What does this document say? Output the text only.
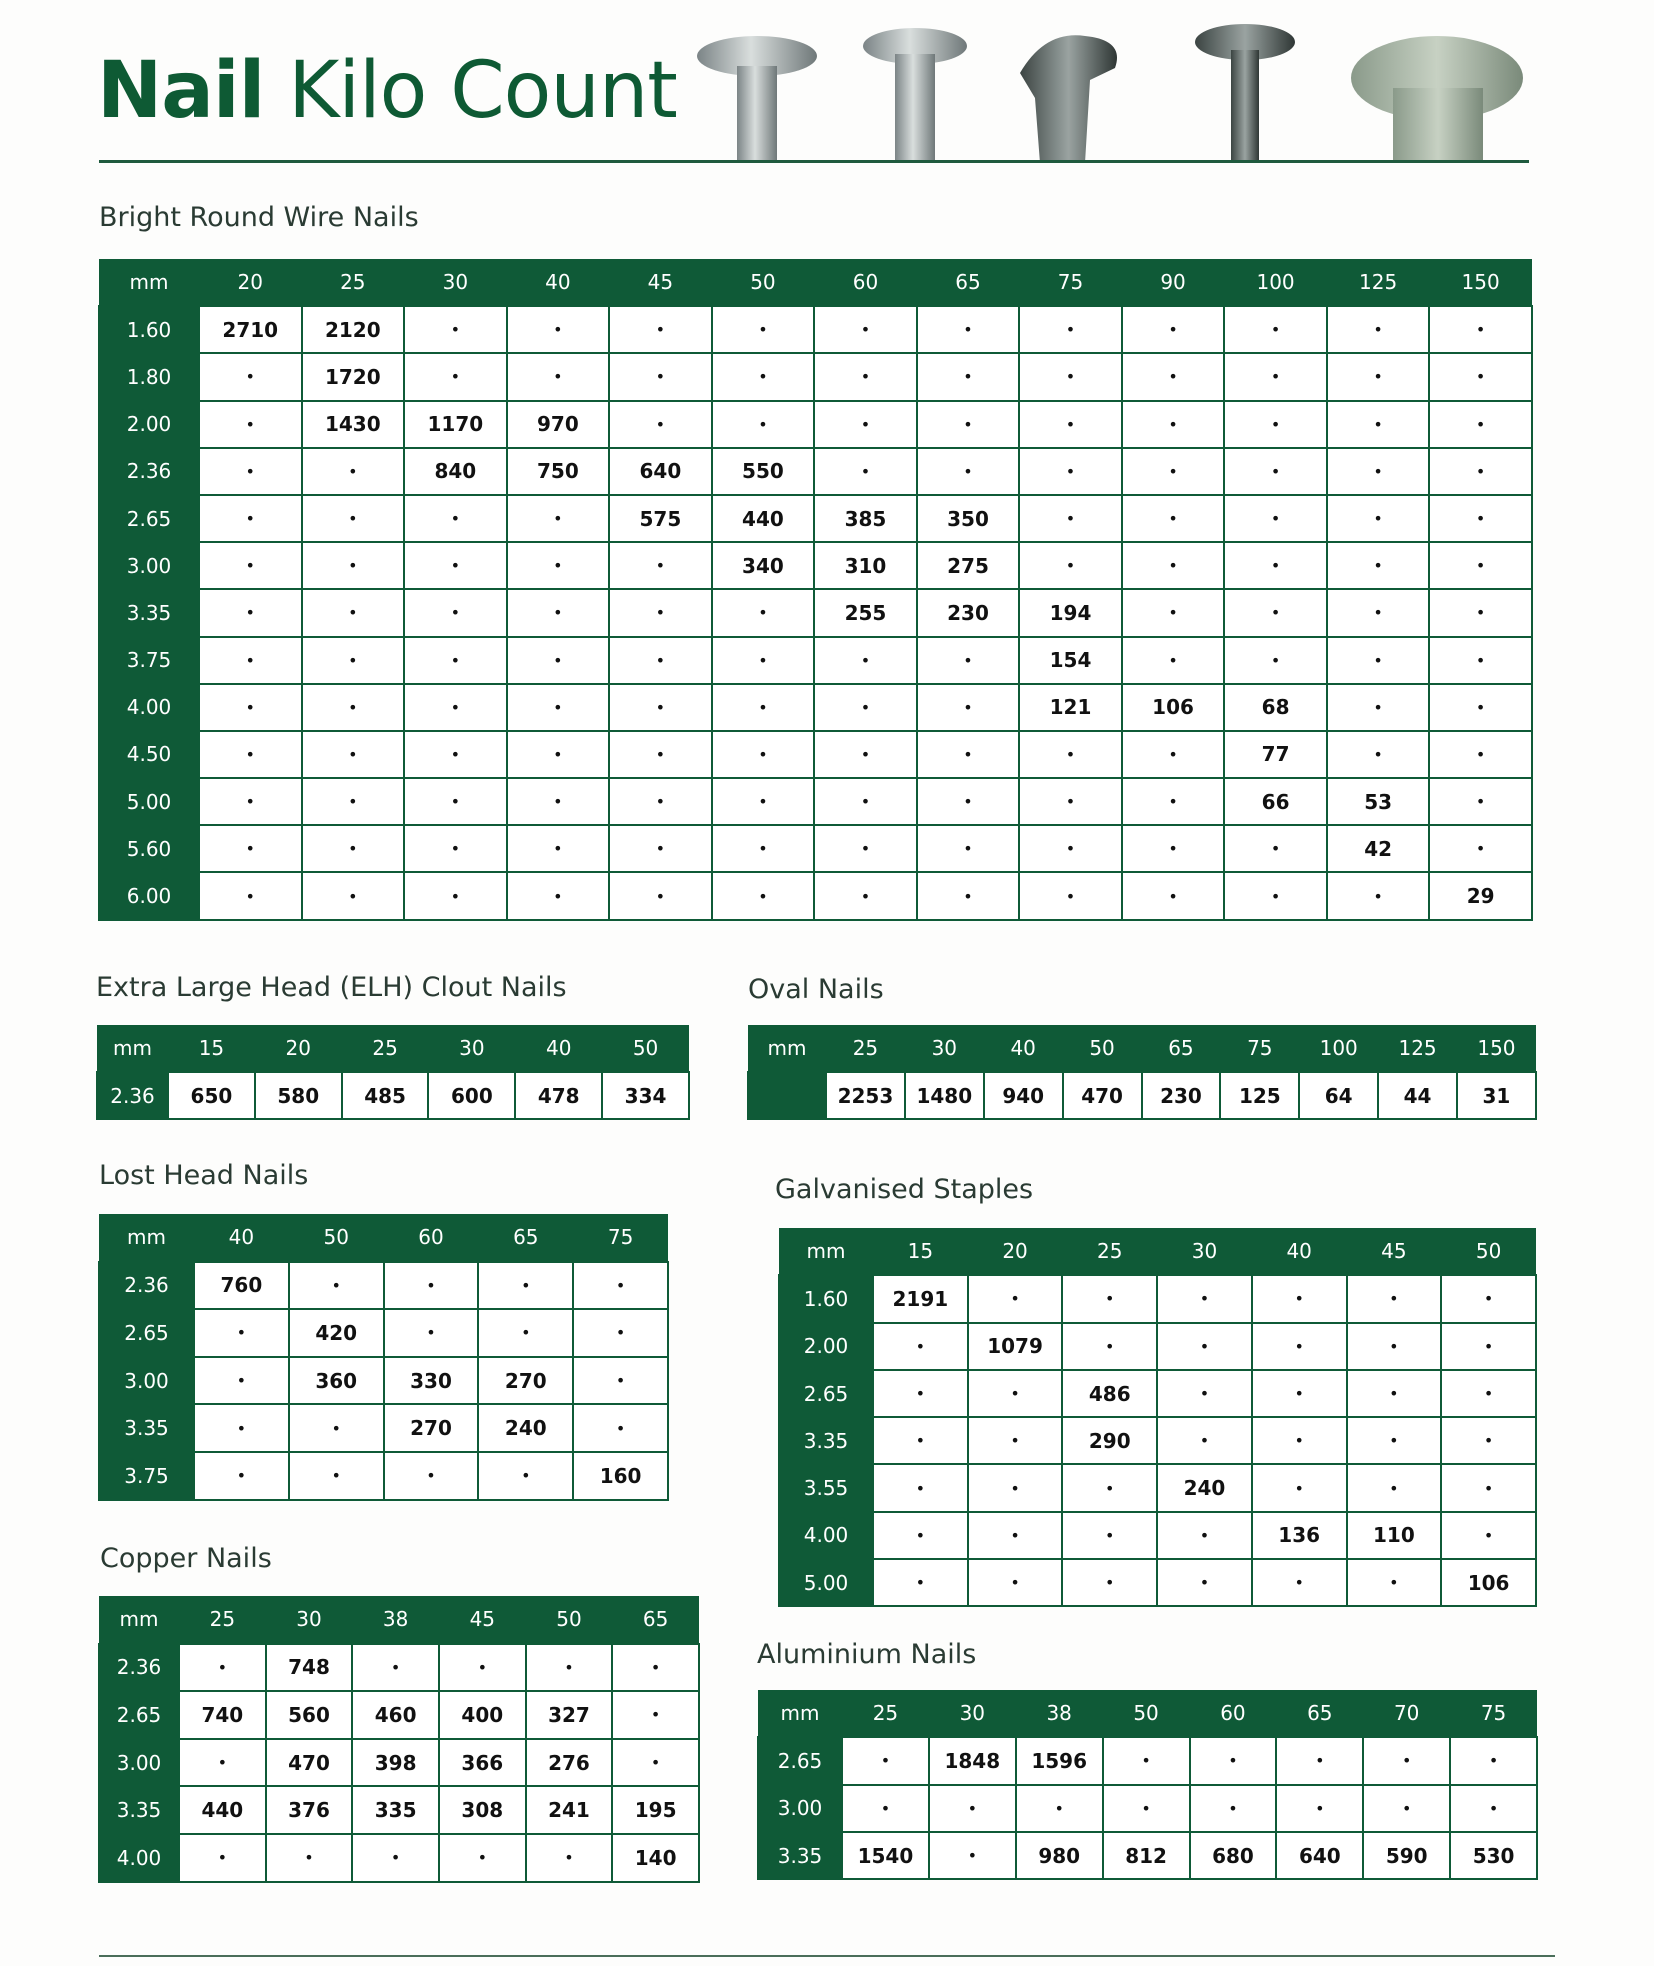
Nail Kilo Count
Bright Round Wire Nails
mm	20	25	30	40	45	50	60	65	75	90	100	125	150
1.60	2710	2120	•	•	•	•	•	•	•	•	•	•	•
1.80	•	1720	•	•	•	•	•	•	•	•	•	•	•
2.00	•	1430	1170	970	•	•	•	•	•	•	•	•	•
2.36	•	•	840	750	640	550	•	•	•	•	•	•	•
2.65	•	•	•	•	575	440	385	350	•	•	•	•	•
3.00	•	•	•	•	•	340	310	275	•	•	•	•	•
3.35	•	•	•	•	•	•	255	230	194	•	•	•	•
3.75	•	•	•	•	•	•	•	•	154	•	•	•	•
4.00	•	•	•	•	•	•	•	•	121	106	68	•	•
4.50	•	•	•	•	•	•	•	•	•	•	77	•	•
5.00	•	•	•	•	•	•	•	•	•	•	66	53	•
5.60	•	•	•	•	•	•	•	•	•	•	•	42	•
6.00	•	•	•	•	•	•	•	•	•	•	•	•	29
Extra Large Head (ELH) Clout Nails
mm	15	20	25	30	40	50
2.36	650	580	485	600	478	334
Oval Nails
mm	25	30	40	50	65	75	100	125	150
	2253	1480	940	470	230	125	64	44	31
Lost Head Nails
mm	40	50	60	65	75
2.36	760	•	•	•	•
2.65	•	420	•	•	•
3.00	•	360	330	270	•
3.35	•	•	270	240	•
3.75	•	•	•	•	160
Galvanised Staples
mm	15	20	25	30	40	45	50
1.60	2191	•	•	•	•	•	•
2.00	•	1079	•	•	•	•	•
2.65	•	•	486	•	•	•	•
3.35	•	•	290	•	•	•	•
3.55	•	•	•	240	•	•	•
4.00	•	•	•	•	136	110	•
5.00	•	•	•	•	•	•	106
Copper Nails
mm	25	30	38	45	50	65
2.36	•	748	•	•	•	•
2.65	740	560	460	400	327	•
3.00	•	470	398	366	276	•
3.35	440	376	335	308	241	195
4.00	•	•	•	•	•	140
Aluminium Nails
mm	25	30	38	50	60	65	70	75
2.65	•	1848	1596	•	•	•	•	•
3.00	•	•	•	•	•	•	•	•
3.35	1540	•	980	812	680	640	590	530
